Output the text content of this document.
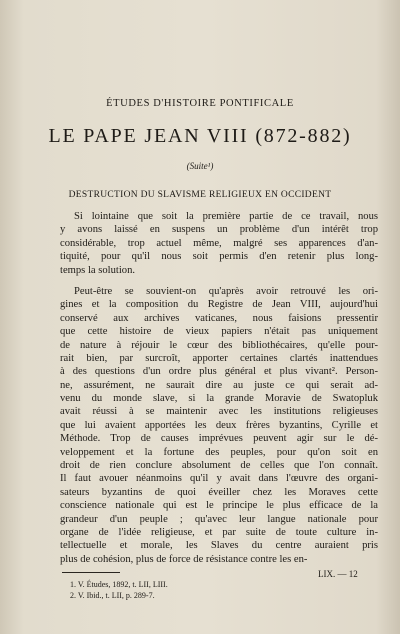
ÉTUDES D'HISTOIRE PONTIFICALE
LE PAPE JEAN VIII (872-882)
(Suite¹)
DESTRUCTION DU SLAVISME RELIGIEUX EN OCCIDENT
Si lointaine que soit la première partie de ce travail, nous
y avons laissé en suspens un problème d'un intérêt trop
considérable, trop actuel même, malgré ses apparences d'an-
tiquité, pour qu'il nous soit permis d'en retenir plus long-
temps la solution.
Peut-être se souvient-on qu'après avoir retrouvé les ori-
gines et la composition du Registre de Jean VIII, aujourd'hui
conservé aux archives vaticanes, nous faisions pressentir
que cette histoire de vieux papiers n'était pas uniquement
de nature à réjouir le cœur des bibliothécaires, qu'elle pour-
rait bien, par surcroît, apporter certaines clartés inattendues
à des questions d'un ordre plus général et plus vivant². Person-
ne, assurément, ne saurait dire au juste ce qui serait ad-
venu du monde slave, si la grande Moravie de Swatopluk
avait réussi à se maintenir avec les institutions religieuses
que lui avaient apportées les deux frères byzantins, Cyrille et
Méthode. Trop de causes imprévues peuvent agir sur le dé-
veloppement et la fortune des peuples, pour qu'on soit en
droit de rien conclure absolument de celles que l'on connaît.
Il faut avouer néanmoins qu'il y avait dans l'œuvre des organi-
sateurs byzantins de quoi éveiller chez les Moraves cette
conscience nationale qui est le principe le plus efficace de la
grandeur d'un peuple ; qu'avec leur langue nationale pour
organe de l'idée religieuse, et par suite de toute culture in-
tellectuelle et morale, les Slaves du centre auraient pris
plus de cohésion, plus de force de résistance contre les en-
1. V. Études, 1892, t. LII, LIII.
2. V. Ibid., t. LII, p. 289-7.
LIX. — 12
